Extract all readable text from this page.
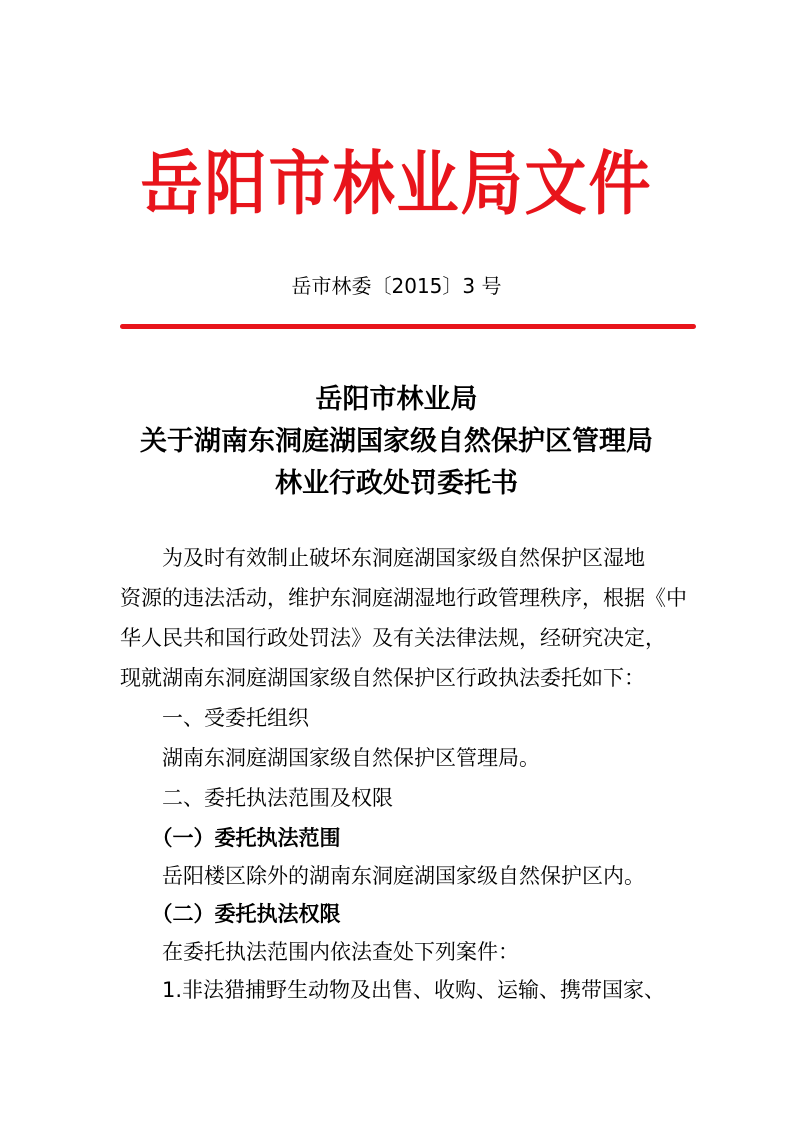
岳阳市林业局文件
岳市林委〔2015〕3 号
岳阳市林业局
关于湖南东洞庭湖国家级自然保护区管理局
林业行政处罚委托书
　　为及时有效制止破坏东洞庭湖国家级自然保护区湿地
资源的违法活动，维护东洞庭湖湿地行政管理秩序，根据《中
华人民共和国行政处罚法》及有关法律法规，经研究决定，
现就湖南东洞庭湖国家级自然保护区行政执法委托如下：
　　一、受委托组织
　　湖南东洞庭湖国家级自然保护区管理局。
　　二、委托执法范围及权限
　　（一）委托执法范围
　　岳阳楼区除外的湖南东洞庭湖国家级自然保护区内。
　　（二）委托执法权限
　　在委托执法范围内依法查处下列案件：
　　1.非法猎捕野生动物及出售、收购、运输、携带国家、
